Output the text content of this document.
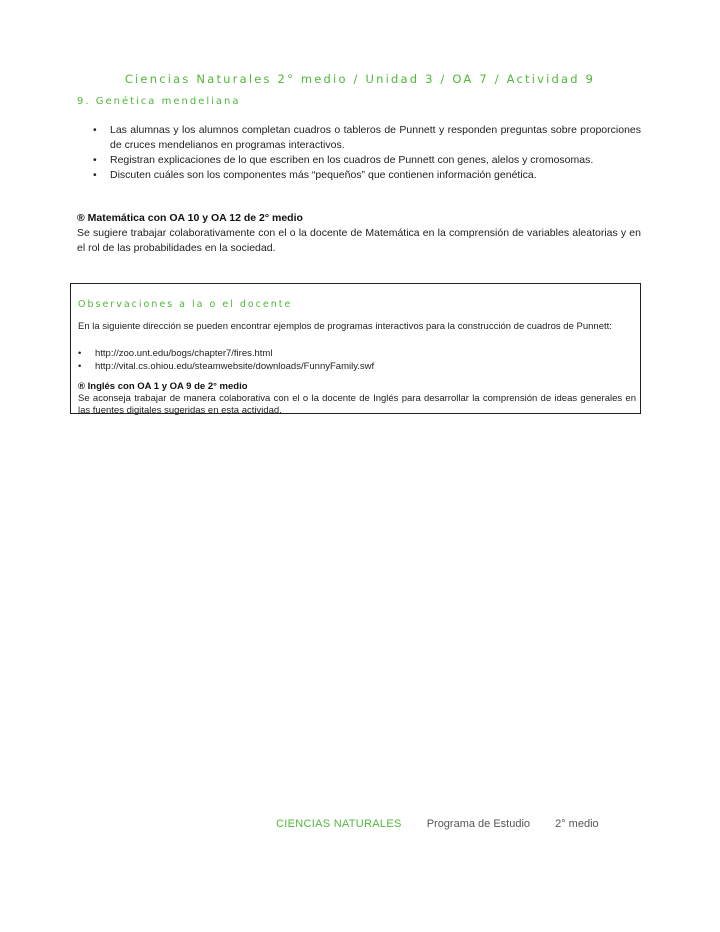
Ciencias Naturales 2° medio / Unidad 3 / OA 7 / Actividad 9
9. Genética mendeliana
• Las alumnas y los alumnos completan cuadros o tableros de Punnett y responden preguntas sobre proporciones de cruces mendelianos en programas interactivos.
• Registran explicaciones de lo que escriben en los cuadros de Punnett con genes, alelos y cromosomas.
• Discuten cuáles son los componentes más “pequeños” que contienen información genética.
® Matemática con OA 10 y OA 12 de 2° medio
Se sugiere trabajar colaborativamente con el o la docente de Matemática en la comprensión de variables aleatorias y en el rol de las probabilidades en la sociedad.
Observaciones a la o el docente
En la siguiente dirección se pueden encontrar ejemplos de programas interactivos para la construcción de cuadros de Punnett:
• http://zoo.unt.edu/bogs/chapter7/fires.html
• http://vital.cs.ohiou.edu/steamwebsite/downloads/FunnyFamily.swf
® Inglés con OA 1 y OA 9 de 2° medio
Se aconseja trabajar de manera colaborativa con el o la docente de Inglés para desarrollar la comprensión de ideas generales en las fuentes digitales sugeridas en esta actividad.
CIENCIAS NATURALES Programa de Estudio 2° medio
